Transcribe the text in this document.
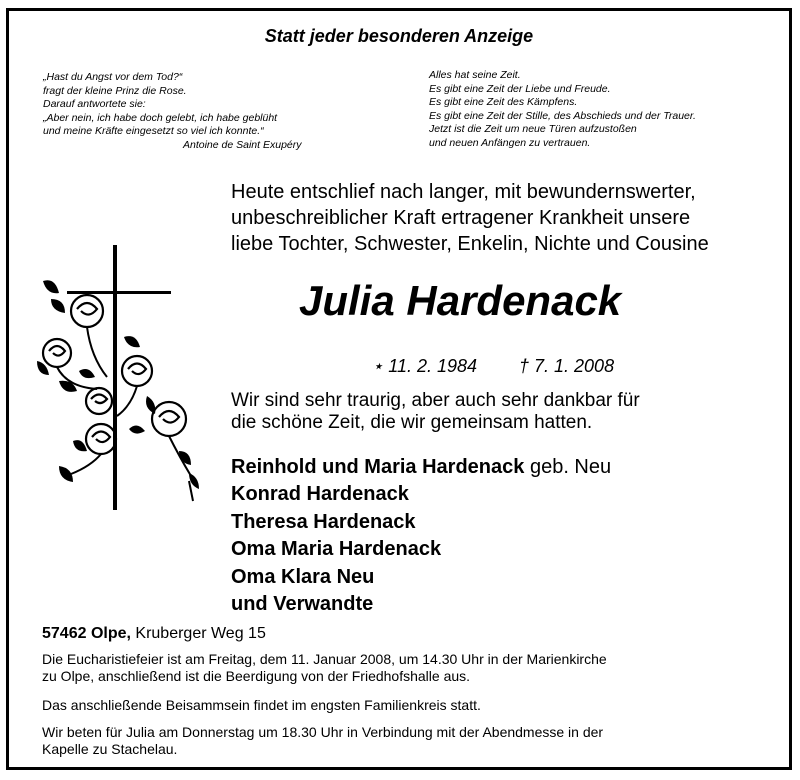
Statt jeder besonderen Anzeige
„Hast du Angst vor dem Tod?“
fragt der kleine Prinz die Rose.
Darauf antwortete sie:
„Aber nein, ich habe doch gelebt, ich habe geblüht
und meine Kräfte eingesetzt so viel ich konnte.“
Antoine de Saint Exupéry
Alles hat seine Zeit.
Es gibt eine Zeit der Liebe und Freude.
Es gibt eine Zeit des Kämpfens.
Es gibt eine Zeit der Stille, des Abschieds und der Trauer.
Jetzt ist die Zeit um neue Türen aufzustoßen
und neuen Anfängen zu vertrauen.
Heute entschlief nach langer, mit bewundernswerter,
unbeschreiblicher Kraft ertragener Krankheit unsere
liebe Tochter, Schwester, Enkelin, Nichte und Cousine
Julia Hardenack
⋆ 11. 2. 1984 † 7. 1. 2008
Wir sind sehr traurig, aber auch sehr dankbar für
die schöne Zeit, die wir gemeinsam hatten.
Reinhold und Maria Hardenack geb. Neu
Konrad Hardenack
Theresa Hardenack
Oma Maria Hardenack
Oma Klara Neu
und Verwandte
57462 Olpe, Kruberger Weg 15
Die Eucharistiefeier ist am Freitag, dem 11. Januar 2008, um 14.30 Uhr in der Marienkirche
zu Olpe, anschließend ist die Beerdigung von der Friedhofshalle aus.
Das anschließende Beisammsein findet im engsten Familienkreis statt.
Wir beten für Julia am Donnerstag um 18.30 Uhr in Verbindung mit der Abendmesse in der
Kapelle zu Stachelau.
